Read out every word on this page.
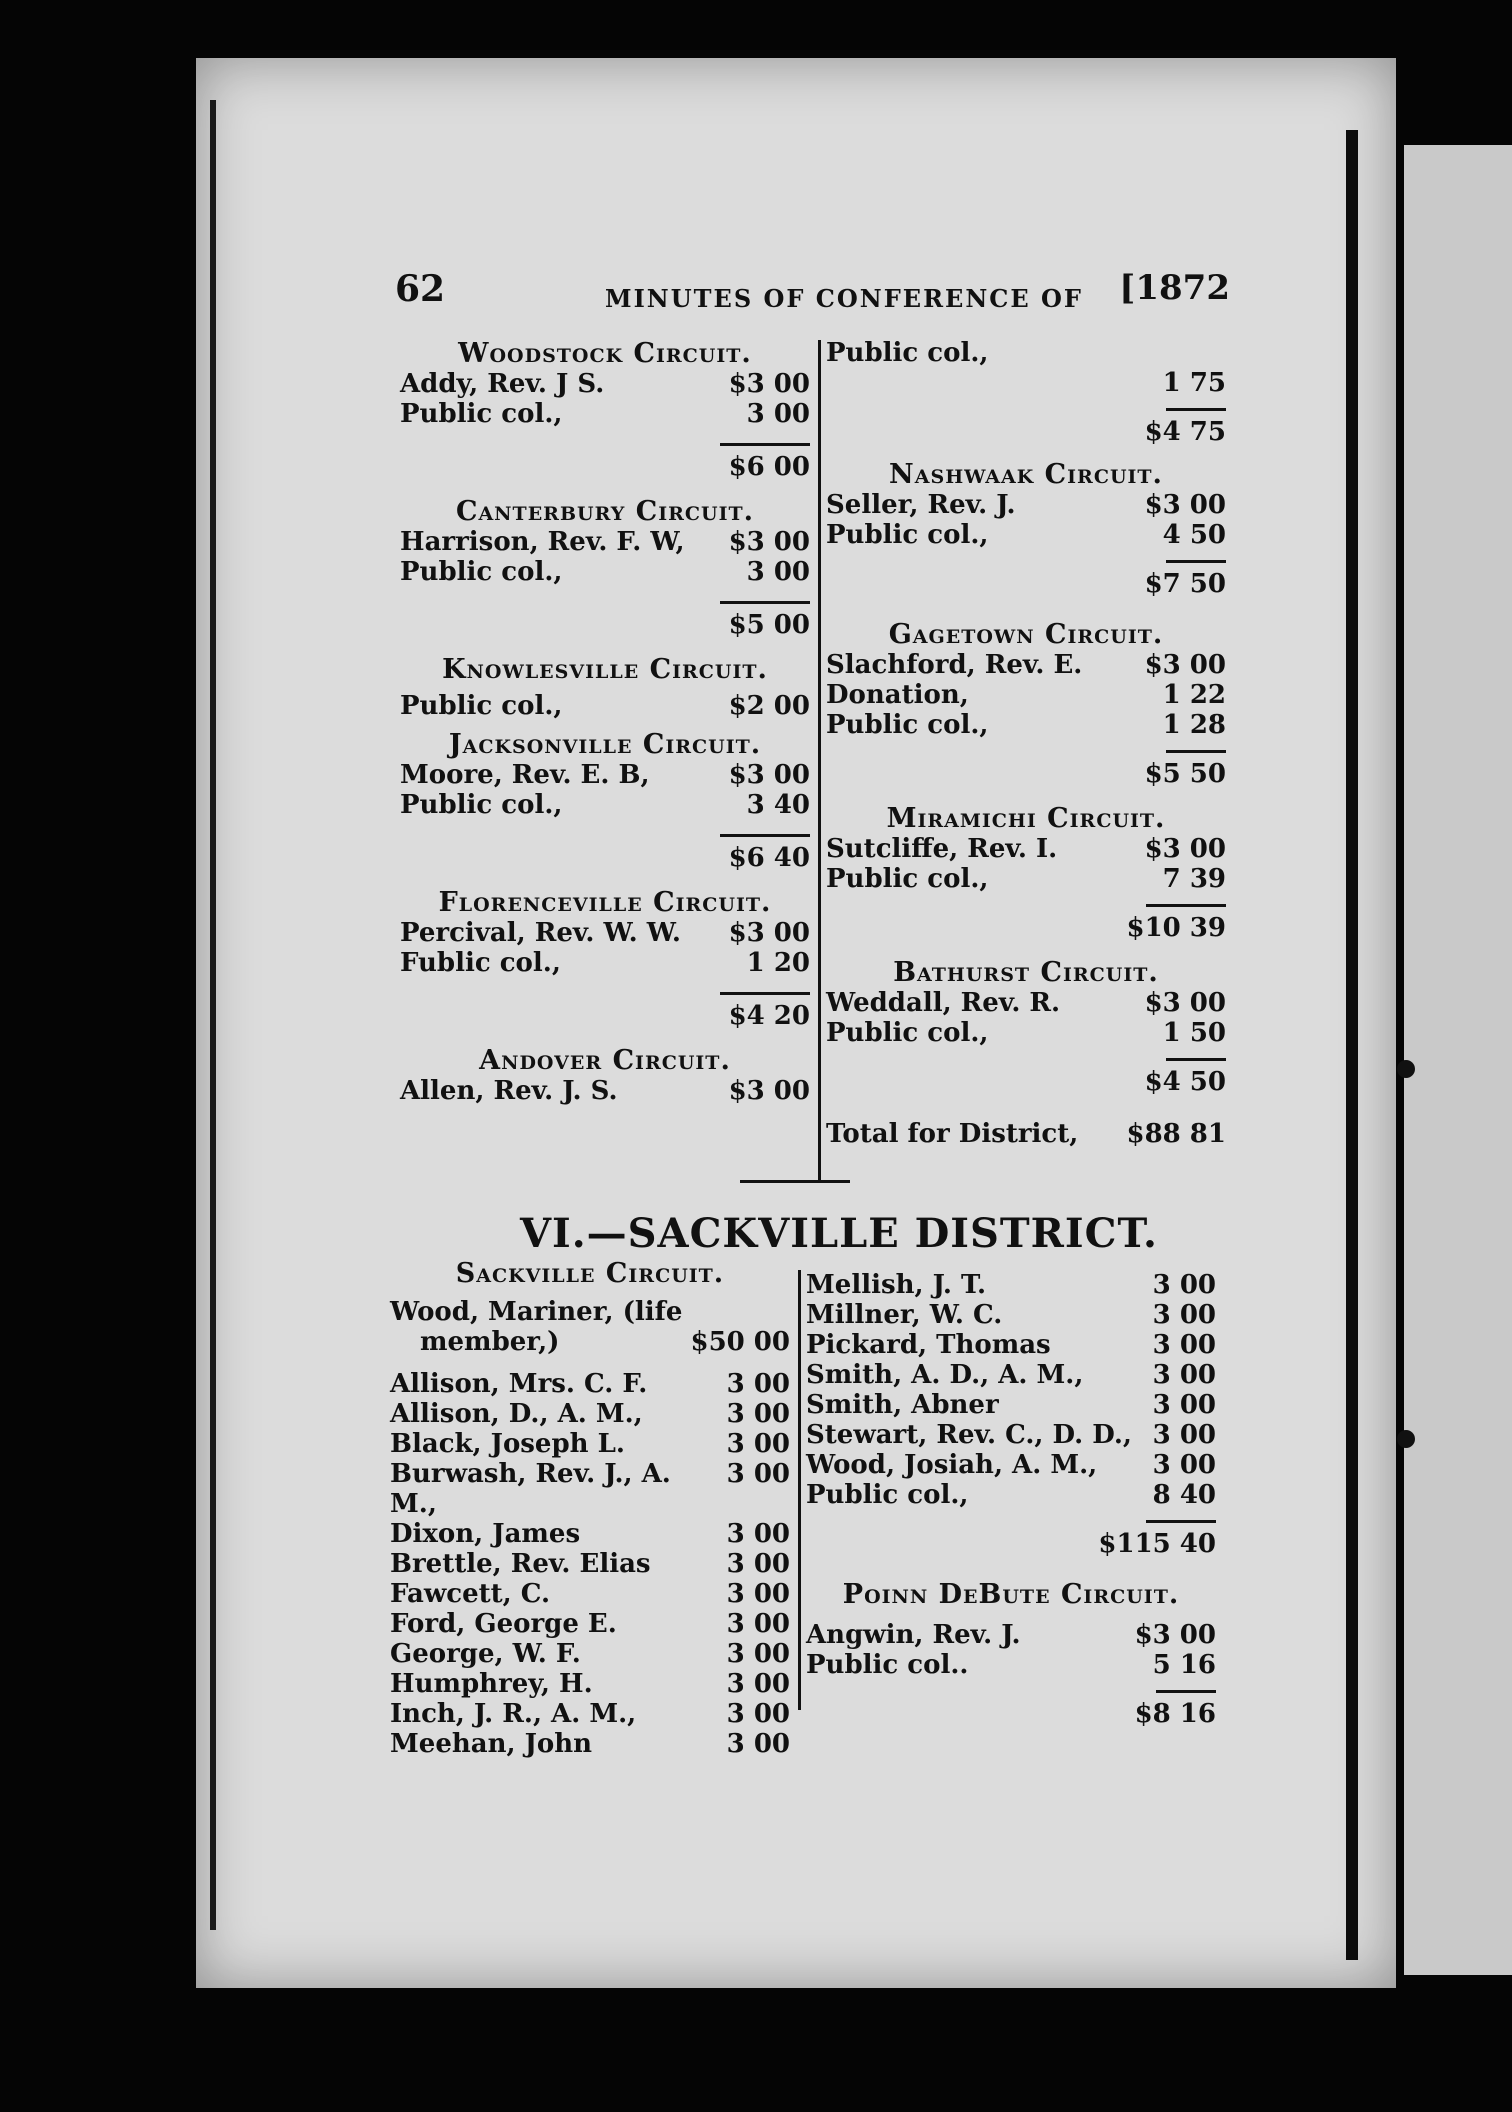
62	MINUTES OF CONFERENCE OF [1872
Woodstock Circuit.
Addy, Rev. J S.	$3 00
Public col.,	3 00
$6 00
Canterbury Circuit.
Harrison, Rev. F. W, $3 00
Public col.,	3 00
$5 00
Knowlesville Circuit.
Public col.,	$2 00
Jacksonville Circuit.
Moore, Rev. E. B,	$3 00
Public col.,	3 40
$6 40
Florenceville Circuit.
Percival, Rev. W. W. $3 00
Fublic col.,	1 20
$4 20
Andover Circuit.
Allen, Rev. J. S.	$3 00
Public col.,
1 75
$4 75
Nashwaak Circuit.
Seller, Rev. J.	$3 00
Public col.,	4 50
$7 50
Gagetown Circuit.
Slachford, Rev. E. $3 00
Donation,	1 22
Public col.,	1 28
$5 50
Miramichi Circuit.
Sutcliffe, Rev. I.	$3 00
Public col.,	7 39
$10 39
Bathurst Circuit.
Weddall, Rev. R.	$3 00
Public col.,	1 50
$4 50
Total for District, $88 81
VI.—SACKVILLE DISTRICT.
Sackville Circuit.
Wood, Mariner, (life
member,)	$50 00
Allison, Mrs. C. F.	3 00
Allison, D., A. M.,	3 00
Black, Joseph L.	3 00
Burwash, Rev. J., A. M.,
3 00
Dixon, James	3 00
Brettle, Rev. Elias	3 00
Fawcett, C.	3 00
Ford, George E.	3 00
George, W. F.	3 00
Humphrey, H.	3 00
Inch, J. R., A. M.,	3 00
Meehan, John	3 00
Mellish, J. T.	3 00
Millner, W. C.	3 00
Pickard, Thomas	3 00
Smith, A. D., A. M.,	3 00
Smith, Abner	3 00
Stewart, Rev. C., D. D., 3 00
Wood, Josiah, A. M., 3 00
Public col.,	8 40
$115 40
Poinn DeBute Circuit.
Angwin, Rev. J.	$3 00
Public col..	5 16
$8 16
